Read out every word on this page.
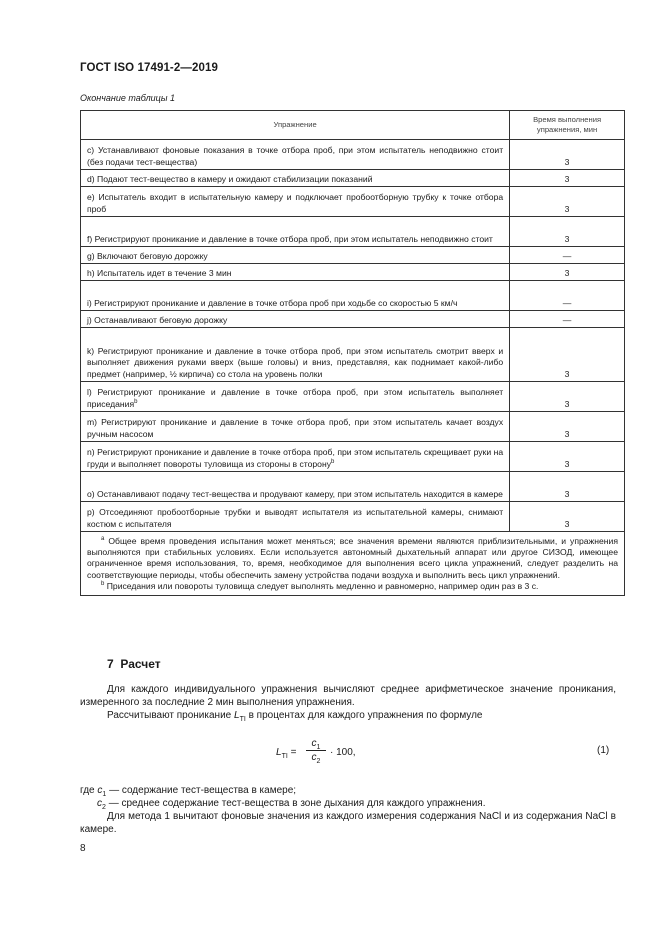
ГОСТ ISO 17491-2—2019
Окончание таблицы 1
Упражнение	Время выполнения упражнения, мин
c) Устанавливают фоновые показания в точке отбора проб, при этом испытатель неподвижно стоит (без подачи тест-вещества)	3
d) Подают тест-вещество в камеру и ожидают стабилизации показаний	3
e) Испытатель входит в испытательную камеру и подключает пробоотборную трубку к точке отбора проб	3
f) Регистрируют проникание и давление в точке отбора проб, при этом испытатель неподвижно стоит	3
g) Включают беговую дорожку	—
h) Испытатель идет в течение 3 мин	3
i) Регистрируют проникание и давление в точке отбора проб при ходьбе со скоростью 5 км/ч	—
j) Останавливают беговую дорожку	—
k) Регистрируют проникание и давление в точке отбора проб, при этом испытатель смотрит вверх и выполняет движения руками вверх (выше головы) и вниз, представляя, как поднимает какой-либо предмет (например, ½ кирпича) со стола на уровень полки	3
l) Регистрируют проникание и давление в точке отбора проб, при этом испытатель выполняет приседания$^b$	3
m) Регистрируют проникание и давление в точке отбора проб, при этом испытатель качает воздух ручным насосом	3
n) Регистрируют проникание и давление в точке отбора проб, при этом испытатель скрещивает руки на груди и выполняет повороты туловища из стороны в сторону$^b$	3
o) Останавливают подачу тест-вещества и продувают камеру, при этом испытатель находится в камере	3
p) Отсоединяют пробоотборные трубки и выводят испытателя из испытательной камеры, снимают костюм с испытателя	3

$^a$ Общее время проведения испытания может меняться; все значения времени являются приблизительными, и упражнения выполняются при стабильных условиях. Если используется автономный дыхательный аппарат или другое СИЗОД, имеющее ограниченное время использования, то, время, необходимое для выполнения всего цикла упражнений, следует разделить на соответствующие периоды, чтобы обеспечить замену устройства подачи воздуха и выполнить весь цикл упражнений.
$^b$ Приседания или повороты туловища следует выполнять медленно и равномерно, например один раз в 3 с.	
7 Расчет
Для каждого индивидуального упражнения вычисляют среднее арифметическое значение проникания, измеренного за последние 2 мин выполнения упражнения.
Рассчитывают проникание $L_{TI}$ в процентах для каждого упражнения по формуле
$L_{TI}$ =
$c_1$
$c_2$
· 100,	(1)
где $c_1$ — содержание тест-вещества в камере;
$c_2$ — среднее содержание тест-вещества в зоне дыхания для каждого упражнения.
Для метода 1 вычитают фоновые значения из каждого измерения содержания NaCl и из содержания NaCl в камере.
8
